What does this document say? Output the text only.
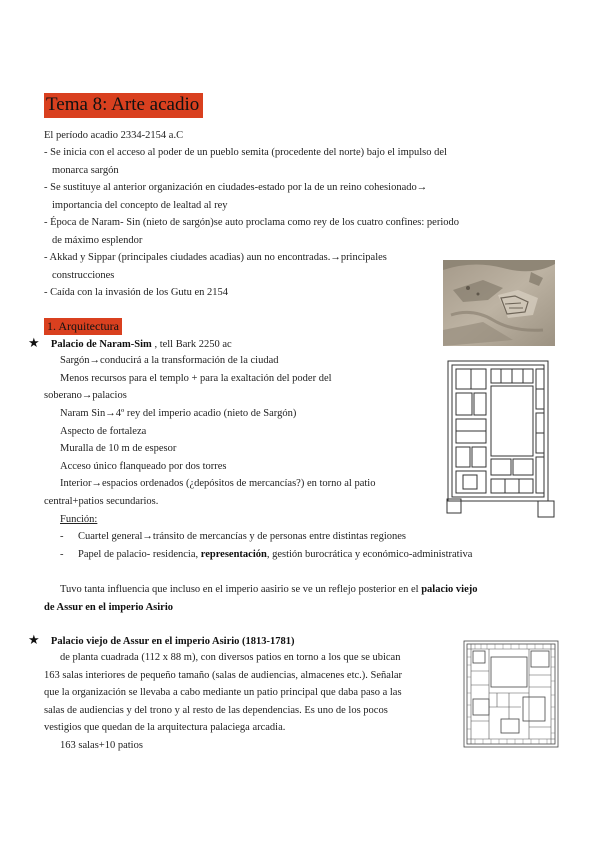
Tema 8: Arte acadio
El período acadio 2334-2154 a.C
- Se inicia con el acceso al poder de un pueblo semita (procedente del norte) bajo el impulso del
monarca sargón
- Se sustituye al anterior organización en ciudades-estado por la de un reino cohesionado→
importancia del concepto de lealtad al rey
- Época de Naram- Sin (nieto de sargón)se auto proclama como rey de los cuatro confines: periodo
de máximo esplendor
- Akkad y Sippar (principales ciudades acadias) aun no encontradas.→principales
construcciones
- Caída con la invasión de los Gutu en 2154
1. Arquitectura
★ Palacio de Naram-Sim , tell Bark 2250 ac
Sargón→conducirá a la transformación de la ciudad
Menos recursos para el templo + para la exaltación del poder del
soberano→palacios
Naram Sin→4º rey del imperio acadio (nieto de Sargón)
Aspecto de fortaleza
Muralla de 10 m de espesor
Acceso único flanqueado por dos torres
Interior→espacios ordenados (¿depósitos de mercancías?) en torno al patio
central+patios secundarios.
Función:
- Cuartel general→tránsito de mercancías y de personas entre distintas regiones
- Papel de palacio- residencia, representación, gestión burocrática y económico-administrativa
Tuvo tanta influencia que incluso en el imperio aasirio se ve un reflejo posterior en el palacio viejo
de Assur en el imperio Asirio
★ Palacio viejo de Assur en el imperio Asirio (1813-1781)
de planta cuadrada (112 x 88 m), con diversos patios en torno a los que se ubican
163 salas interiores de pequeño tamaño (salas de audiencias, almacenes etc.). Señalar
que la organización se llevaba a cabo mediante un patio principal que daba paso a las
salas de audiencias y del trono y al resto de las dependencias. Es uno de los pocos
vestigios que quedan de la arquitectura palaciega arcadia.
163 salas+10 patios
